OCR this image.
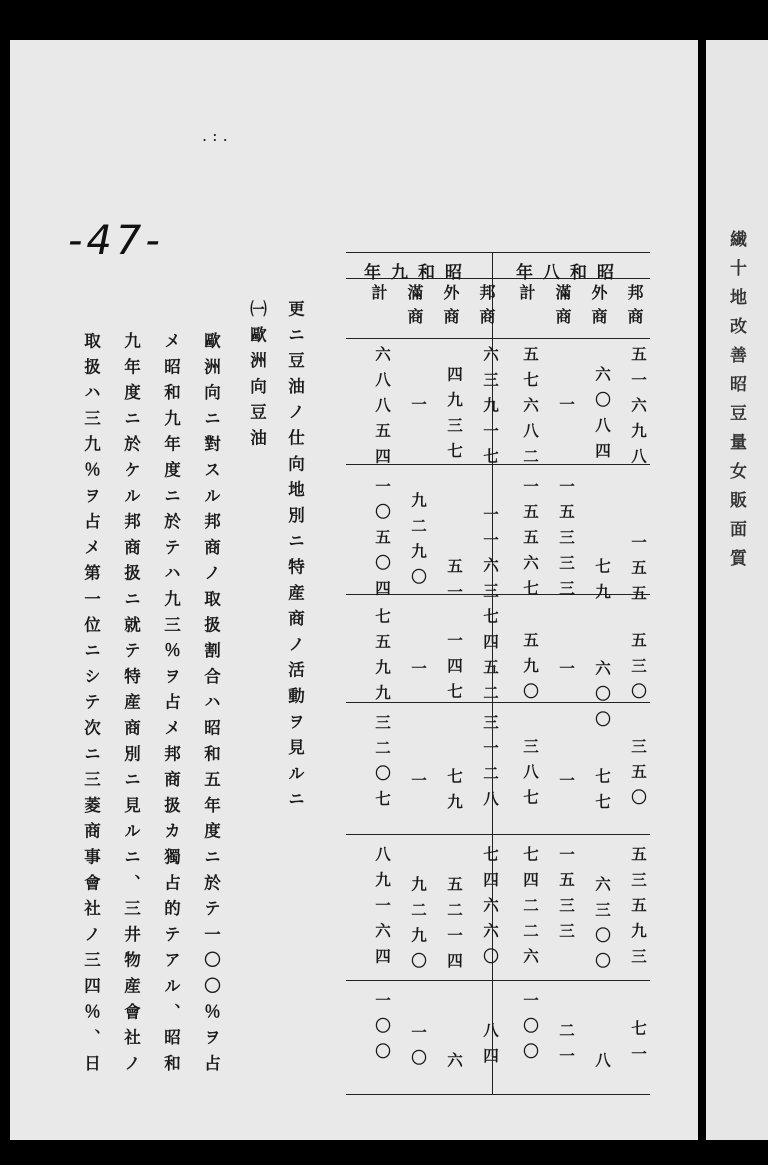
-47-
. : .
更ニ豆油ノ仕向地別ニ特産商ノ活動ヲ見ルニ
㈠歐洲向豆油
歐洲向ニ對スル邦商ノ取扱割合ハ昭和五年度ニ於テ一〇〇％ヲ占
メ昭和九年度ニ於テハ九三％ヲ占メ邦商扱カ獨占的テアル、昭和
九年度ニ於ケル邦商扱ニ就テ特産商別ニ見ルニ、三井物産會社ノ
取扱ハ三九％ヲ占メ第一位ニシテ次ニ三菱商事會社ノ三四％、日
昭和八年
昭和九年
邦商
外商
滿商
計
邦商
外商
滿商
計
五一六九八
六〇八四
一
五七六八二
六三九一七
四九三七
一
六八八五四
一五五
七九
一五三三三
一五五六七
一一六三
五一
九二九〇
一〇五〇四
五三〇
六〇〇
一
五九〇
七四五二
一四七
一
七五九九
三五〇
七七
一
三八七
三一二八
七九
一
三二〇七
五三五九三
六三〇〇
一五三三
七四二二六
七四六六〇
五二一四
九二九〇
八九一六四
七一
八
二一
一〇〇
八四
六
一〇
一〇〇
繊十地改善昭豆量女販面質
